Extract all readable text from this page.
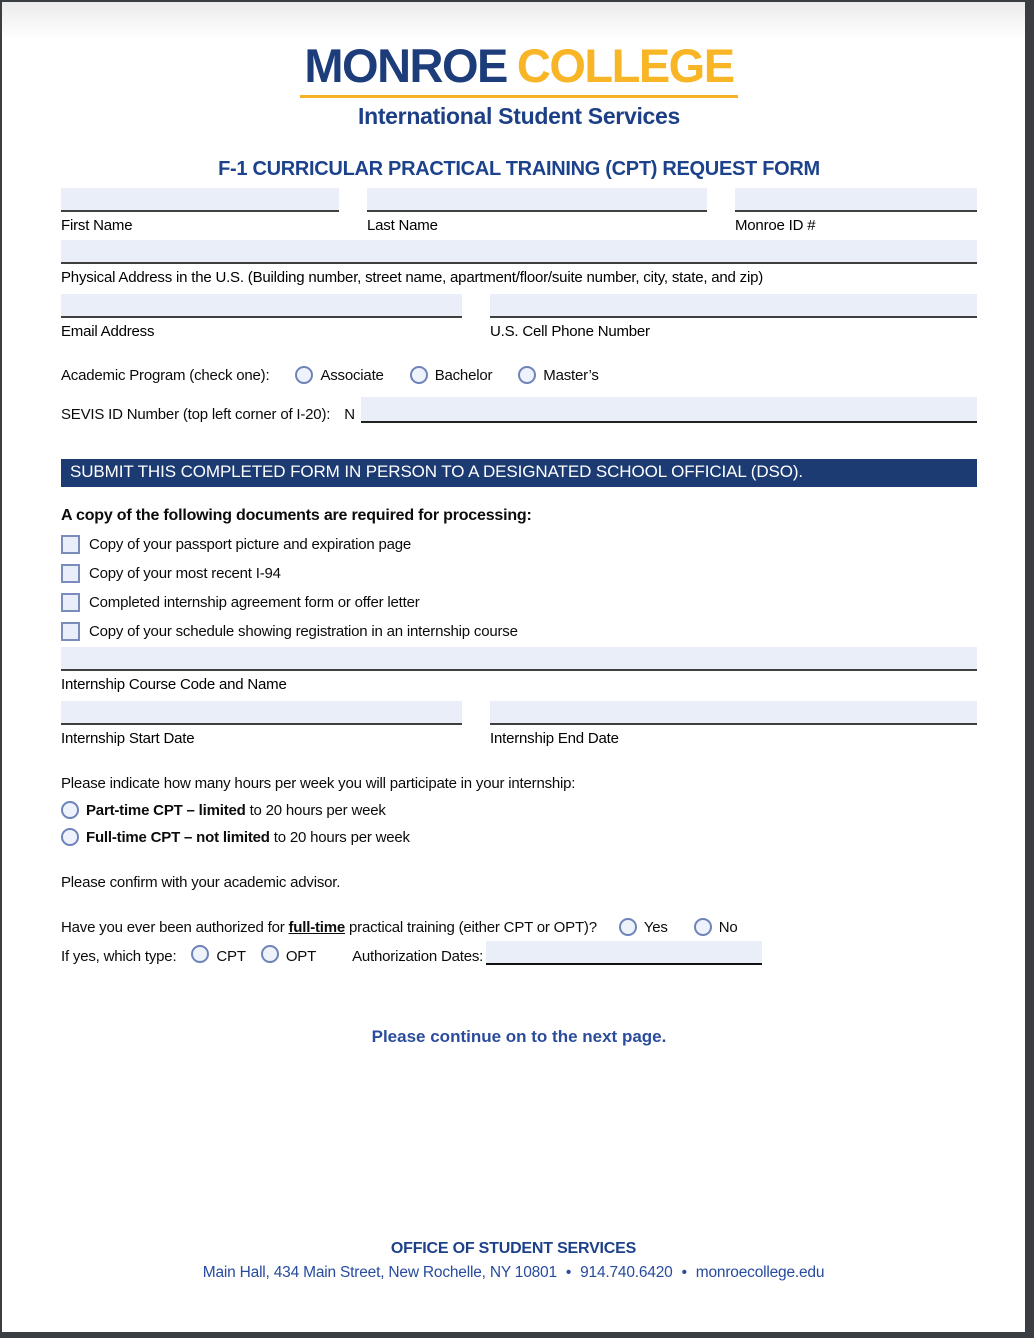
MONROE COLLEGE
International Student Services
F-1 CURRICULAR PRACTICAL TRAINING (CPT) REQUEST FORM
First Name	Last Name	Monroe ID #
Physical Address in the U.S. (Building number, street name, apartment/floor/suite number, city, state, and zip)
Email Address	U.S. Cell Phone Number
Academic Program (check one):	Associate	Bachelor	Master’s
SEVIS ID Number (top left corner of I-20): N
SUBMIT THIS COMPLETED FORM IN PERSON TO A DESIGNATED SCHOOL OFFICIAL (DSO).
A copy of the following documents are required for processing:
Copy of your passport picture and expiration page
Copy of your most recent I-94
Completed internship agreement form or offer letter
Copy of your schedule showing registration in an internship course
Internship Course Code and Name
Internship Start Date	Internship End Date
Please indicate how many hours per week you will participate in your internship:
Part-time CPT – limited to 20 hours per week
Full-time CPT – not limited to 20 hours per week
Please confirm with your academic advisor.
Have you ever been authorized for full-time practical training (either CPT or OPT)?	Yes	No
If yes, which type:	CPT	OPT Authorization Dates:
Please continue on to the next page.
OFFICE OF STUDENT SERVICES
Main Hall, 434 Main Street, New Rochelle, NY 10801 • 914.740.6420 • monroecollege.edu
